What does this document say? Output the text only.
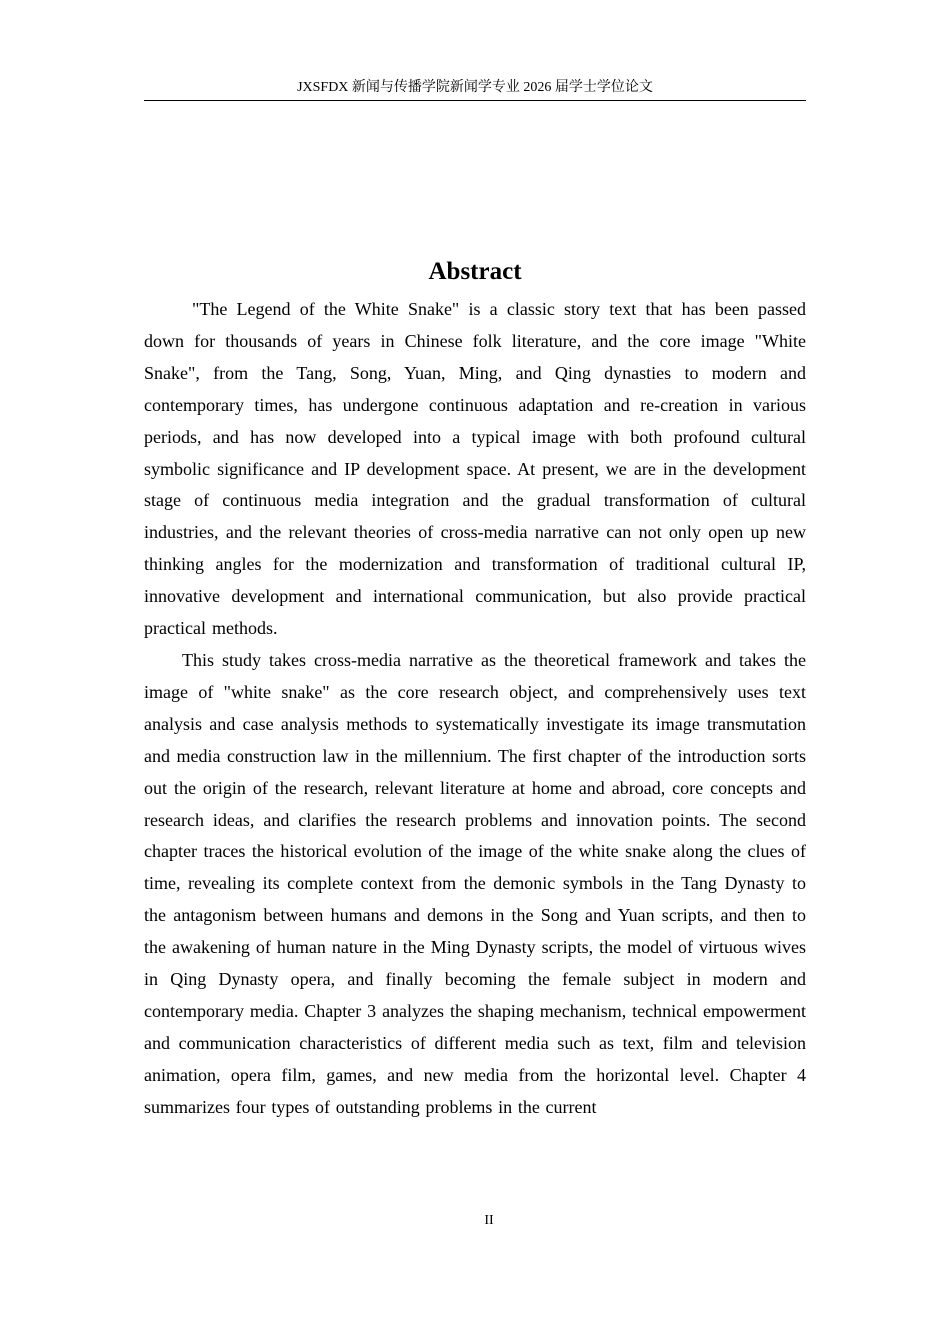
JXSFDX 新闻与传播学院新闻学专业 2026 届学士学位论文
Abstract

"The Legend of the White Snake" is a classic story text that has been passed down for thousands of years in Chinese folk literature, and the core image "White Snake", from the Tang, Song, Yuan, Ming, and Qing dynasties to modern and contemporary times, has undergone continuous adaptation and re-creation in various periods, and has now developed into a typical image with both profound cultural symbolic significance and IP development space. At present, we are in the development stage of continuous media integration and the gradual transformation of cultural industries, and the relevant theories of cross-media narrative can not only open up new thinking angles for the modernization and transformation of traditional cultural IP, innovative development and international communication, but also provide practical practical methods.

This study takes cross-media narrative as the theoretical framework and takes the image of "white snake" as the core research object, and comprehensively uses text analysis and case analysis methods to systematically investigate its image transmutation and media construction law in the millennium. The first chapter of the introduction sorts out the origin of the research, relevant literature at home and abroad, core concepts and research ideas, and clarifies the research problems and innovation points. The second chapter traces the historical evolution of the image of the white snake along the clues of time, revealing its complete context from the demonic symbols in the Tang Dynasty to the antagonism between humans and demons in the Song and Yuan scripts, and then to the awakening of human nature in the Ming Dynasty scripts, the model of virtuous wives in Qing Dynasty opera, and finally becoming the female subject in modern and contemporary media. Chapter 3 analyzes the shaping mechanism, technical empowerment and communication characteristics of different media such as text, film and television animation, opera film, games, and new media from the horizontal level. Chapter 4 summarizes four types of outstanding problems in the current

II
